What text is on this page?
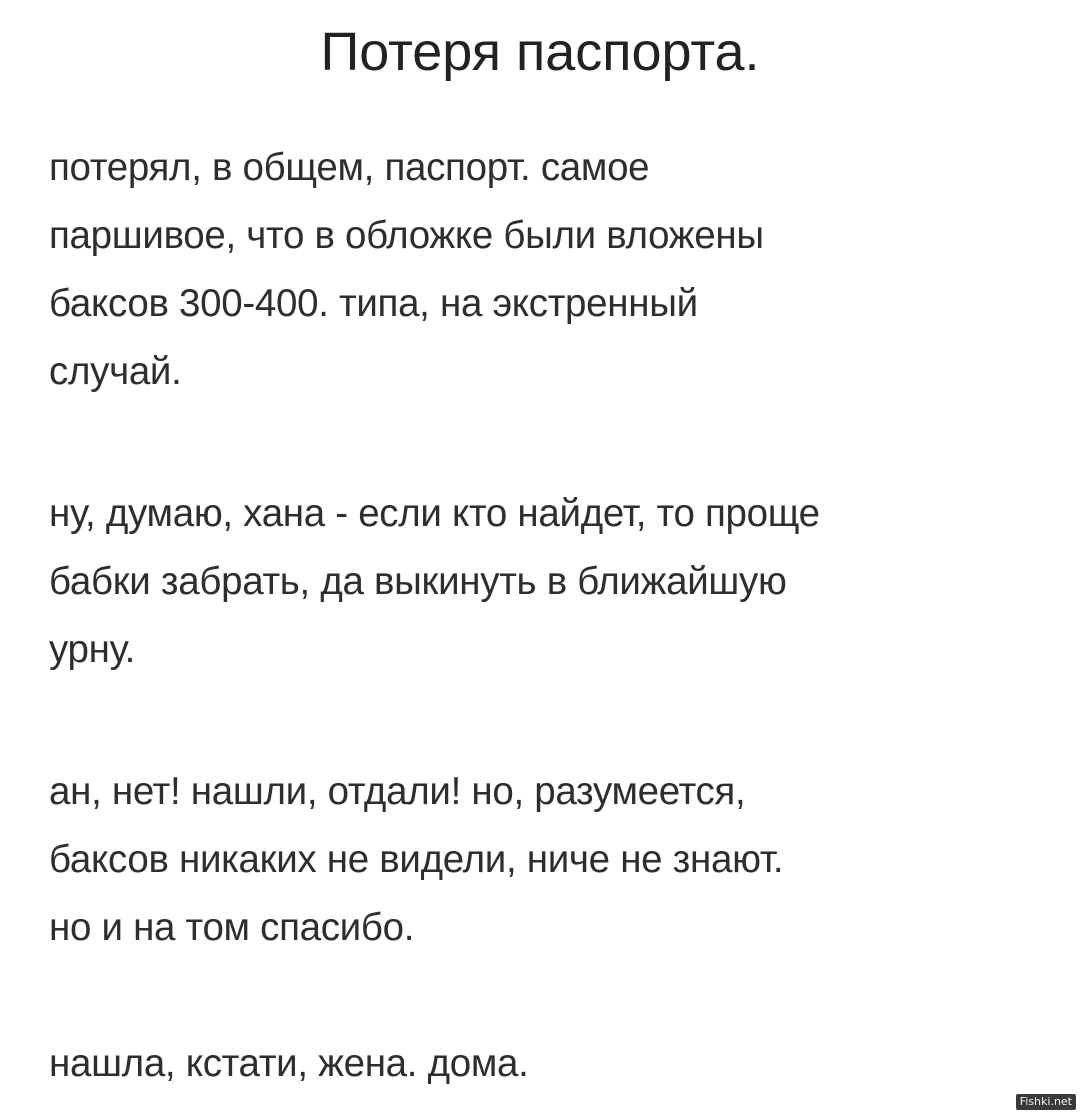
Потеря паспорта.

потерял, в общем, паспорт. самое
паршивое, что в обложке были вложены
баксов 300-400. типа, на экстренный
случай.

ну, думаю, хана - если кто найдет, то проще
бабки забрать, да выкинуть в ближайшую
урну.

ан, нет! нашли, отдали! но, разумеется,
баксов никаких не видели, ниче не знают.
но и на том спасибо.

нашла, кстати, жена. дома.

Fishki.net
